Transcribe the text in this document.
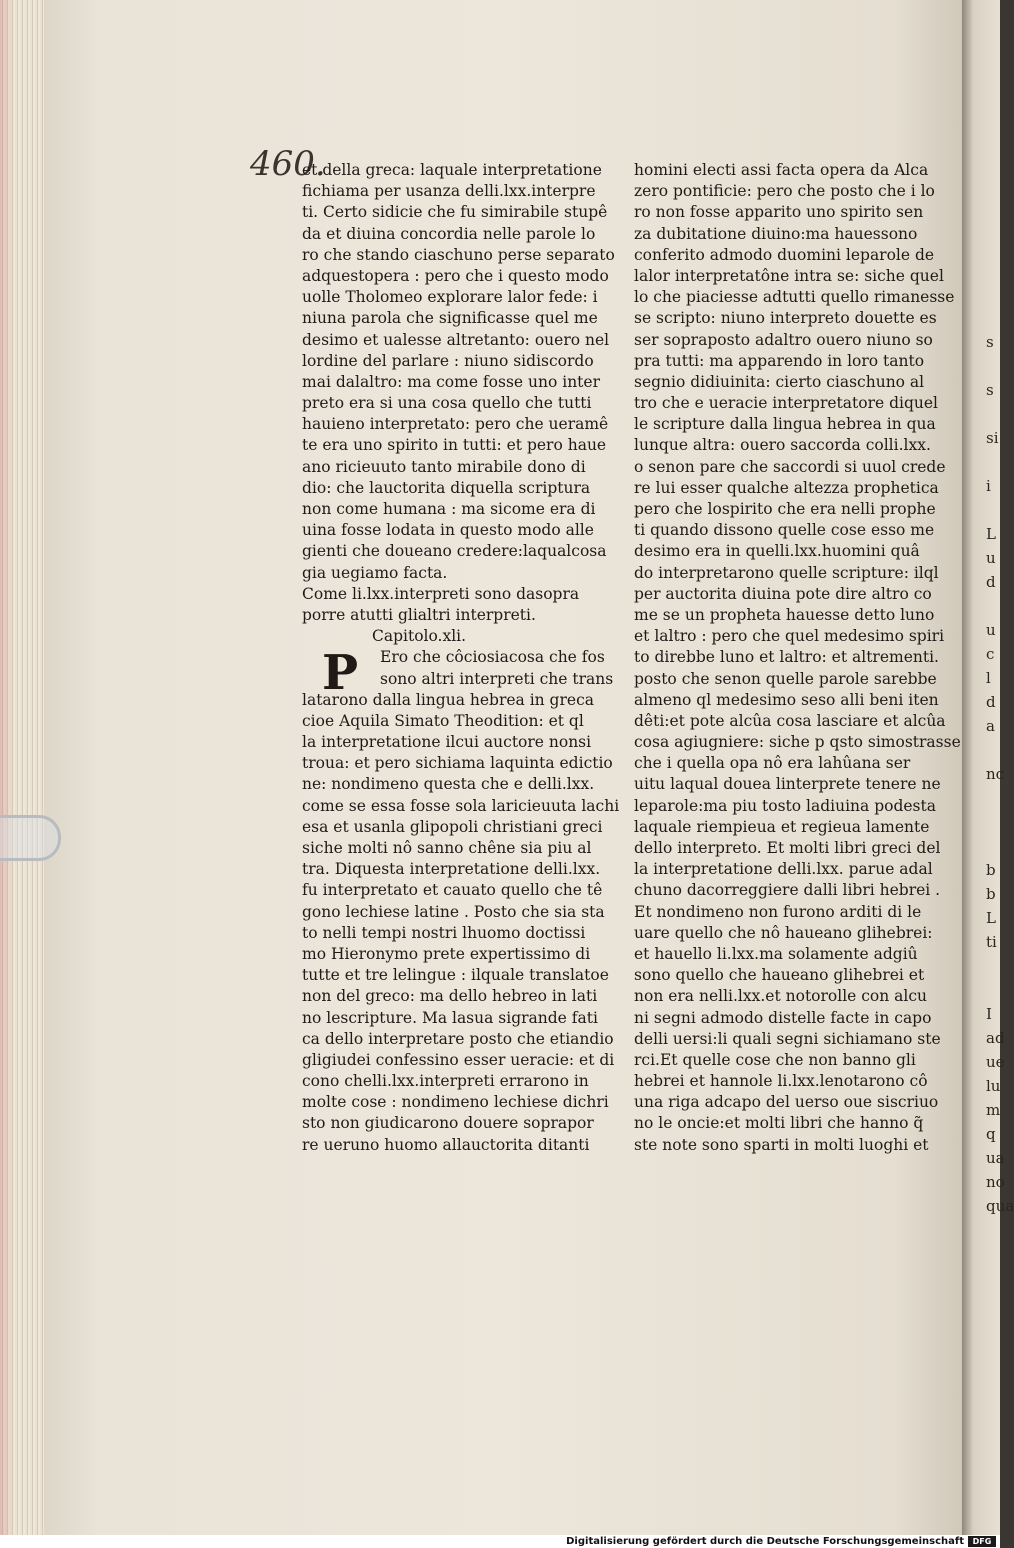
s

s

si

i

L
u
d

u
c
l
d
a

nc

b
b
L
ti

I
ad
ue
lu
m
q
ua
no
qua
460.
et della greca: laquale interpretatione
fichiama per usanza delli.lxx.interpre
ti. Certo sidicie che fu simirabile stupê
da et diuina concordia nelle parole lo
ro che stando ciaschuno perse separato
adquestopera : pero che i questo modo
uolle Tholomeo explorare lalor fede: i
niuna parola che significasse quel me
desimo et ualesse altretanto: ouero nel
lordine del parlare : niuno sidiscordo
mai dalaltro: ma come fosse uno inter
preto era si una cosa quello che tutti
hauieno interpretato: pero che ueramê
te era uno spirito in tutti: et pero haue
ano ricieuuto tanto mirabile dono di
dio: che lauctorita diquella scriptura
non come humana : ma sicome era di
uina fosse lodata in questo modo alle
gienti che doueano credere:laqualcosa
gia uegiamo facta.
Come li.lxx.interpreti sono dasopra
porre atutti glialtri interpreti.
Capitolo.xli.
P	Ero che côciosiacosa che fos
sono altri interpreti che trans
latarono dalla lingua hebrea in greca
cioe Aquila Simato Theodition: et ql
la interpretatione ilcui auctore nonsi
troua: et pero sichiama laquinta edictio
ne: nondimeno questa che e delli.lxx.
come se essa fosse sola laricieuuta lachi
esa et usanla glipopoli christiani greci
siche molti nô sanno chêne sia piu al
tra. Diquesta interpretatione delli.lxx.
fu interpretato et cauato quello che tê
gono lechiese latine . Posto che sia sta
to nelli tempi nostri lhuomo doctissi
mo Hieronymo prete expertissimo di
tutte et tre lelingue : ilquale translatoe
non del greco: ma dello hebreo in lati
no lescripture. Ma lasua sigrande fati
ca dello interpretare posto che etiandio
gligiudei confessino esser ueracie: et di
cono chelli.lxx.interpreti errarono in
molte cose : nondimeno lechiese dichri
sto non giudicarono douere soprapor
re ueruno huomo allauctorita ditanti
homini electi assi facta opera da Alca
zero pontificie: pero che posto che i lo
ro non fosse apparito uno spirito sen
za dubitatione diuino:ma hauessono
conferito admodo duomini leparole de
lalor interpretatône intra se: siche quel
lo che piaciesse adtutti quello rimanesse
se scripto: niuno interpreto douette es
ser sopraposto adaltro ouero niuno so
pra tutti: ma apparendo in loro tanto
segnio didiuinita: cierto ciaschuno al
tro che e ueracie interpretatore diquel
le scripture dalla lingua hebrea in qua
lunque altra: ouero saccorda colli.lxx.
o senon pare che saccordi si uuol crede
re lui esser qualche altezza prophetica
pero che lospirito che era nelli prophe
ti quando dissono quelle cose esso me
desimo era in quelli.lxx.huomini quâ
do interpretarono quelle scripture: ilql
per auctorita diuina pote dire altro co
me se un propheta hauesse detto luno
et laltro : pero che quel medesimo spiri
to direbbe luno et laltro: et altrementi.
posto che senon quelle parole sarebbe
almeno ql medesimo seso alli beni iten
dêti:et pote alcûa cosa lasciare et alcûa
cosa agiugniere: siche p qsto simostrasse
che i quella opa nô era lahûana ser
uitu laqual douea linterprete tenere ne
leparole:ma piu tosto ladiuina podesta
laquale riempieua et regieua lamente
dello interpreto. Et molti libri greci del
la interpretatione delli.lxx. parue adal
chuno dacorreggiere dalli libri hebrei .
Et nondimeno non furono arditi di le
uare quello che nô haueano glihebrei:
et hauello li.lxx.ma solamente adgiû
sono quello che haueano glihebrei et
non era nelli.lxx.et notorolle con alcu
ni segni admodo distelle facte in capo
delli uersi:li quali segni sichiamano ste
rci.Et quelle cose che non banno gli
hebrei et hannole li.lxx.lenotarono cô
una riga adcapo del uerso oue siscriuo
no le oncie:et molti libri che hanno q̃
ste note sono sparti in molti luoghi et
Digitalisierung gefördert durch die Deutsche Forschungsgemeinschaft	DFG
